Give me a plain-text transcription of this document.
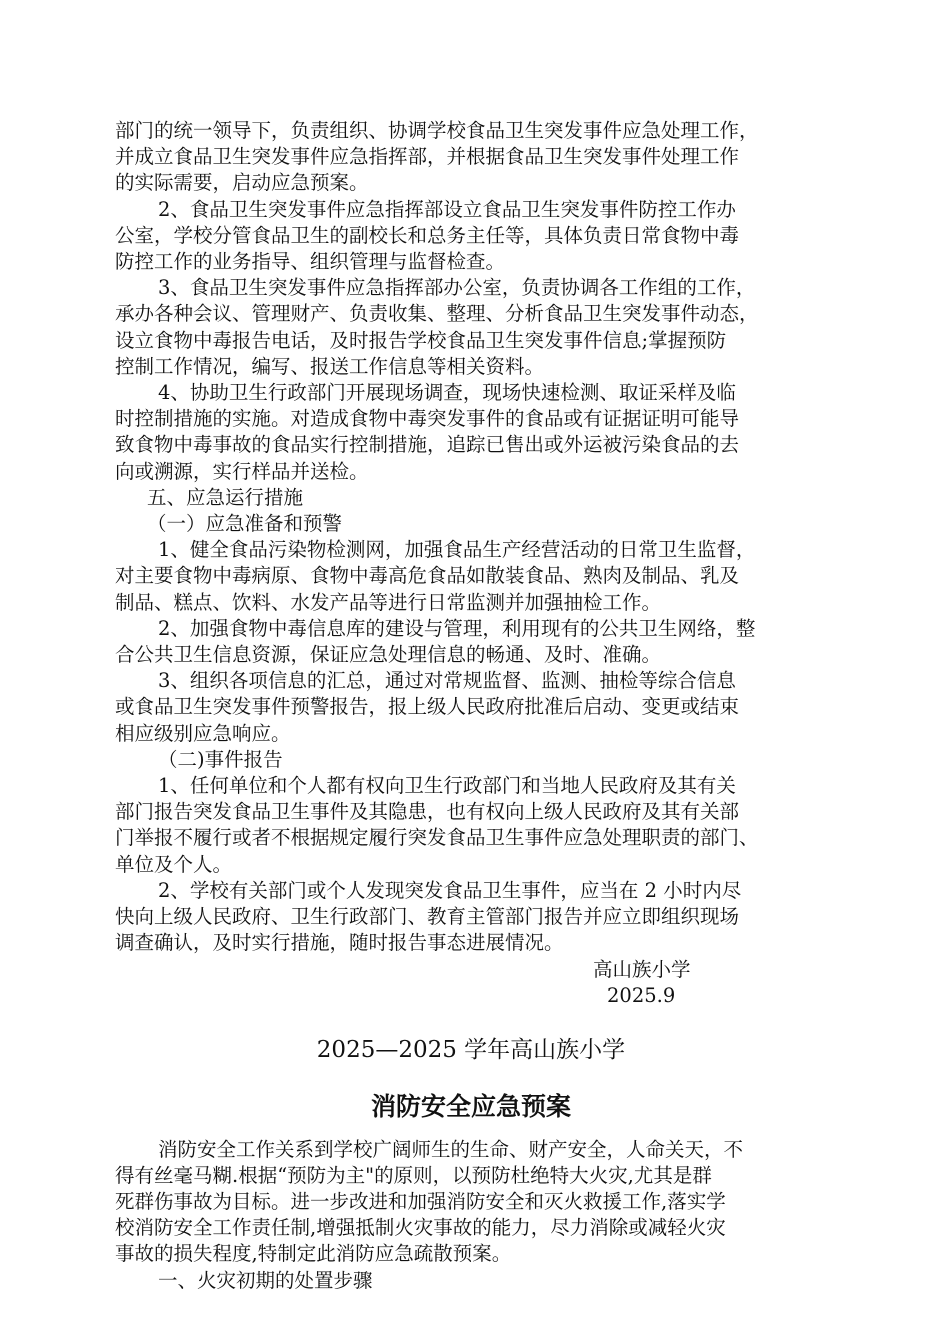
部门的统一领导下，负责组织、协调学校食品卫生突发事件应急处理工作，
并成立食品卫生突发事件应急指挥部，并根据食品卫生突发事件处理工作
的实际需要，启动应急预案。

2、食品卫生突发事件应急指挥部设立食品卫生突发事件防控工作办
公室，学校分管食品卫生的副校长和总务主任等，具体负责日常食物中毒
防控工作的业务指导、组织管理与监督检查。

3、食品卫生突发事件应急指挥部办公室，负责协调各工作组的工作，
承办各种会议、管理财产、负责收集、整理、分析食品卫生突发事件动态，
设立食物中毒报告电话，及时报告学校食品卫生突发事件信息;掌握预防
控制工作情况，编写、报送工作信息等相关资料。

4、协助卫生行政部门开展现场调查，现场快速检测、取证采样及临
时控制措施的实施。对造成食物中毒突发事件的食品或有证据证明可能导
致食物中毒事故的食品实行控制措施，追踪已售出或外运被污染食品的去
向或溯源，实行样品并送检。

五、应急运行措施

（一）应急准备和预警

1、健全食品污染物检测网，加强食品生产经营活动的日常卫生监督，
对主要食物中毒病原、食物中毒高危食品如散装食品、熟肉及制品、乳及
制品、糕点、饮料、水发产品等进行日常监测并加强抽检工作。

2、加强食物中毒信息库的建设与管理，利用现有的公共卫生网络，整
合公共卫生信息资源，保证应急处理信息的畅通、及时、准确。

3、组织各项信息的汇总，通过对常规监督、监测、抽检等综合信息
或食品卫生突发事件预警报告，报上级人民政府批准后启动、变更或结束
相应级别应急响应。

（二)事件报告

1、任何单位和个人都有权向卫生行政部门和当地人民政府及其有关
部门报告突发食品卫生事件及其隐患，也有权向上级人民政府及其有关部
门举报不履行或者不根据规定履行突发食品卫生事件应急处理职责的部门、
单位及个人。

2、学校有关部门或个人发现突发食品卫生事件，应当在 2 小时内尽
快向上级人民政府、卫生行政部门、教育主管部门报告并应立即组织现场
调查确认，及时实行措施，随时报告事态进展情况。

高山族小学

2025.9

2025—2025 学年高山族小学
消防安全应急预案

消防安全工作关系到学校广阔师生的生命、财产安全，人命关天，不
得有丝毫马糊.根据“预防为主"的原则，以预防杜绝特大火灾,尤其是群
死群伤事故为目标。进一步改进和加强消防安全和灭火救援工作,落实学
校消防安全工作责任制,增强抵制火灾事故的能力，尽力消除或减轻火灾
事故的损失程度,特制定此消防应急疏散预案。

一、火灾初期的处置步骤
